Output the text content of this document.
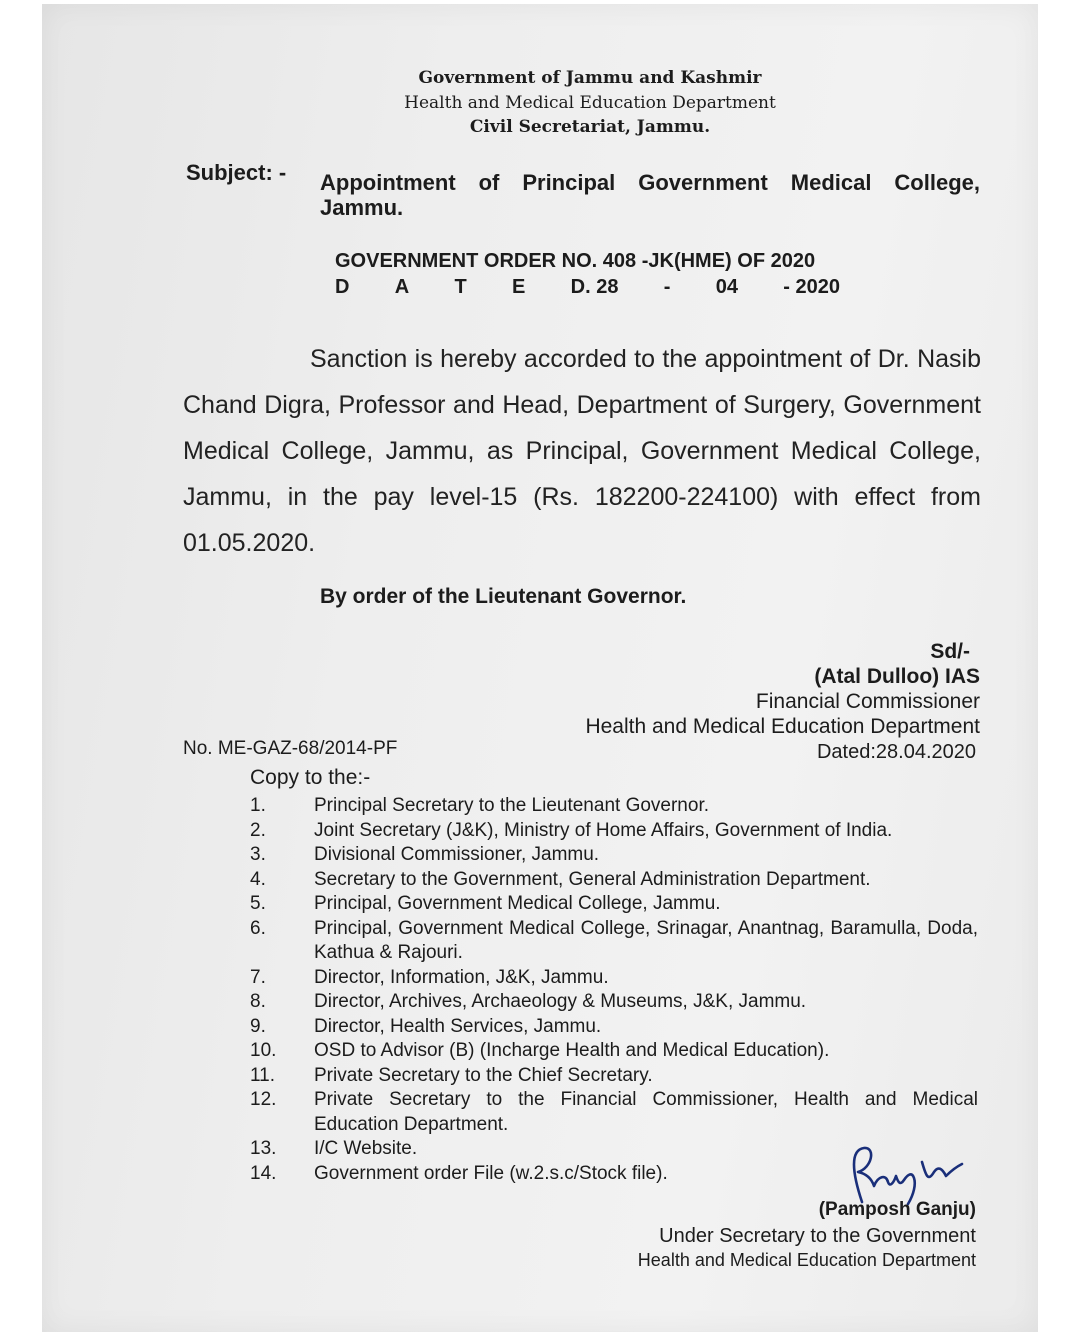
Government of Jammu and Kashmir
Health and Medical Education Department
Civil Secretariat, Jammu.
Subject: - Appointment of Principal Government Medical College, Jammu.
GOVERNMENT ORDER NO. 408 -JK(HME) OF 2020
D A T E D. 28 - 04 - 2020
Sanction is hereby accorded to the appointment of Dr. Nasib Chand Digra, Professor and Head, Department of Surgery, Government Medical College, Jammu, as Principal, Government Medical College, Jammu, in the pay level-15 (Rs. 182200-224100) with effect from 01.05.2020.
By order of the Lieutenant Governor.
Sd/-
(Atal Dulloo) IAS
Financial Commissioner
Health and Medical Education Department
Dated:28.04.2020
No. ME-GAZ-68/2014-PF
Copy to the:-
1.	Principal Secretary to the Lieutenant Governor.
2.	Joint Secretary (J&K), Ministry of Home Affairs, Government of India.
3.	Divisional Commissioner, Jammu.
4.	Secretary to the Government, General Administration Department.
5.	Principal, Government Medical College, Jammu.
6.	Principal, Government Medical College, Srinagar, Anantnag, Baramulla, Doda, Kathua & Rajouri.
7.	Director, Information, J&K, Jammu.
8.	Director, Archives, Archaeology & Museums, J&K, Jammu.
9.	Director, Health Services, Jammu.
10.	OSD to Advisor (B) (Incharge Health and Medical Education).
11.	Private Secretary to the Chief Secretary.
12.	Private Secretary to the Financial Commissioner, Health and Medical Education Department.
13.	I/C Website.
14.	Government order File (w.2.s.c/Stock file).
(Pamposh Ganju)
Under Secretary to the Government
Health and Medical Education Department
